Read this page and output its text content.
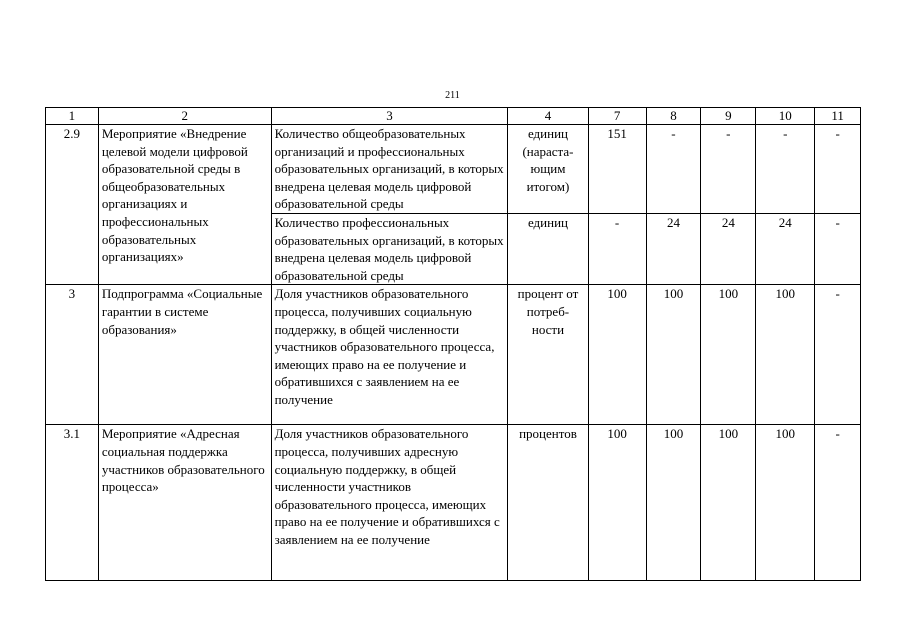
211
1	2	3	4	7	8	9	10	11
2.9	Мероприятие «Внедрение целевой модели цифровой образовательной среды в общеобразовательных организациях и профессиональных образовательных организациях»	Количество общеобразовательных организаций и профессиональных образовательных организаций, в которых внедрена целевая модель цифровой образовательной среды	единиц (нараста-ющим итогом)	151	-	-	-	-
		Количество профессиональных образовательных организаций, в которых внедрена целевая модель цифровой образовательной среды	единиц	-	24	24	24	-
3	Подпрограмма «Социальные гарантии в системе образования»	Доля участников образовательного процесса, получивших социальную поддержку, в общей численности участников образовательного процесса, имеющих право на ее получение и обратившихся с заявлением на ее получение	процент от потреб-ности	100	100	100	100	-
3.1	Мероприятие «Адресная социальная поддержка участников образовательного процесса»	Доля участников образовательного процесса, получивших адресную социальную поддержку, в общей численности участников образовательного процесса, имеющих право на ее получение и обратившихся с заявлением на ее получение	процентов	100	100	100	100	-
